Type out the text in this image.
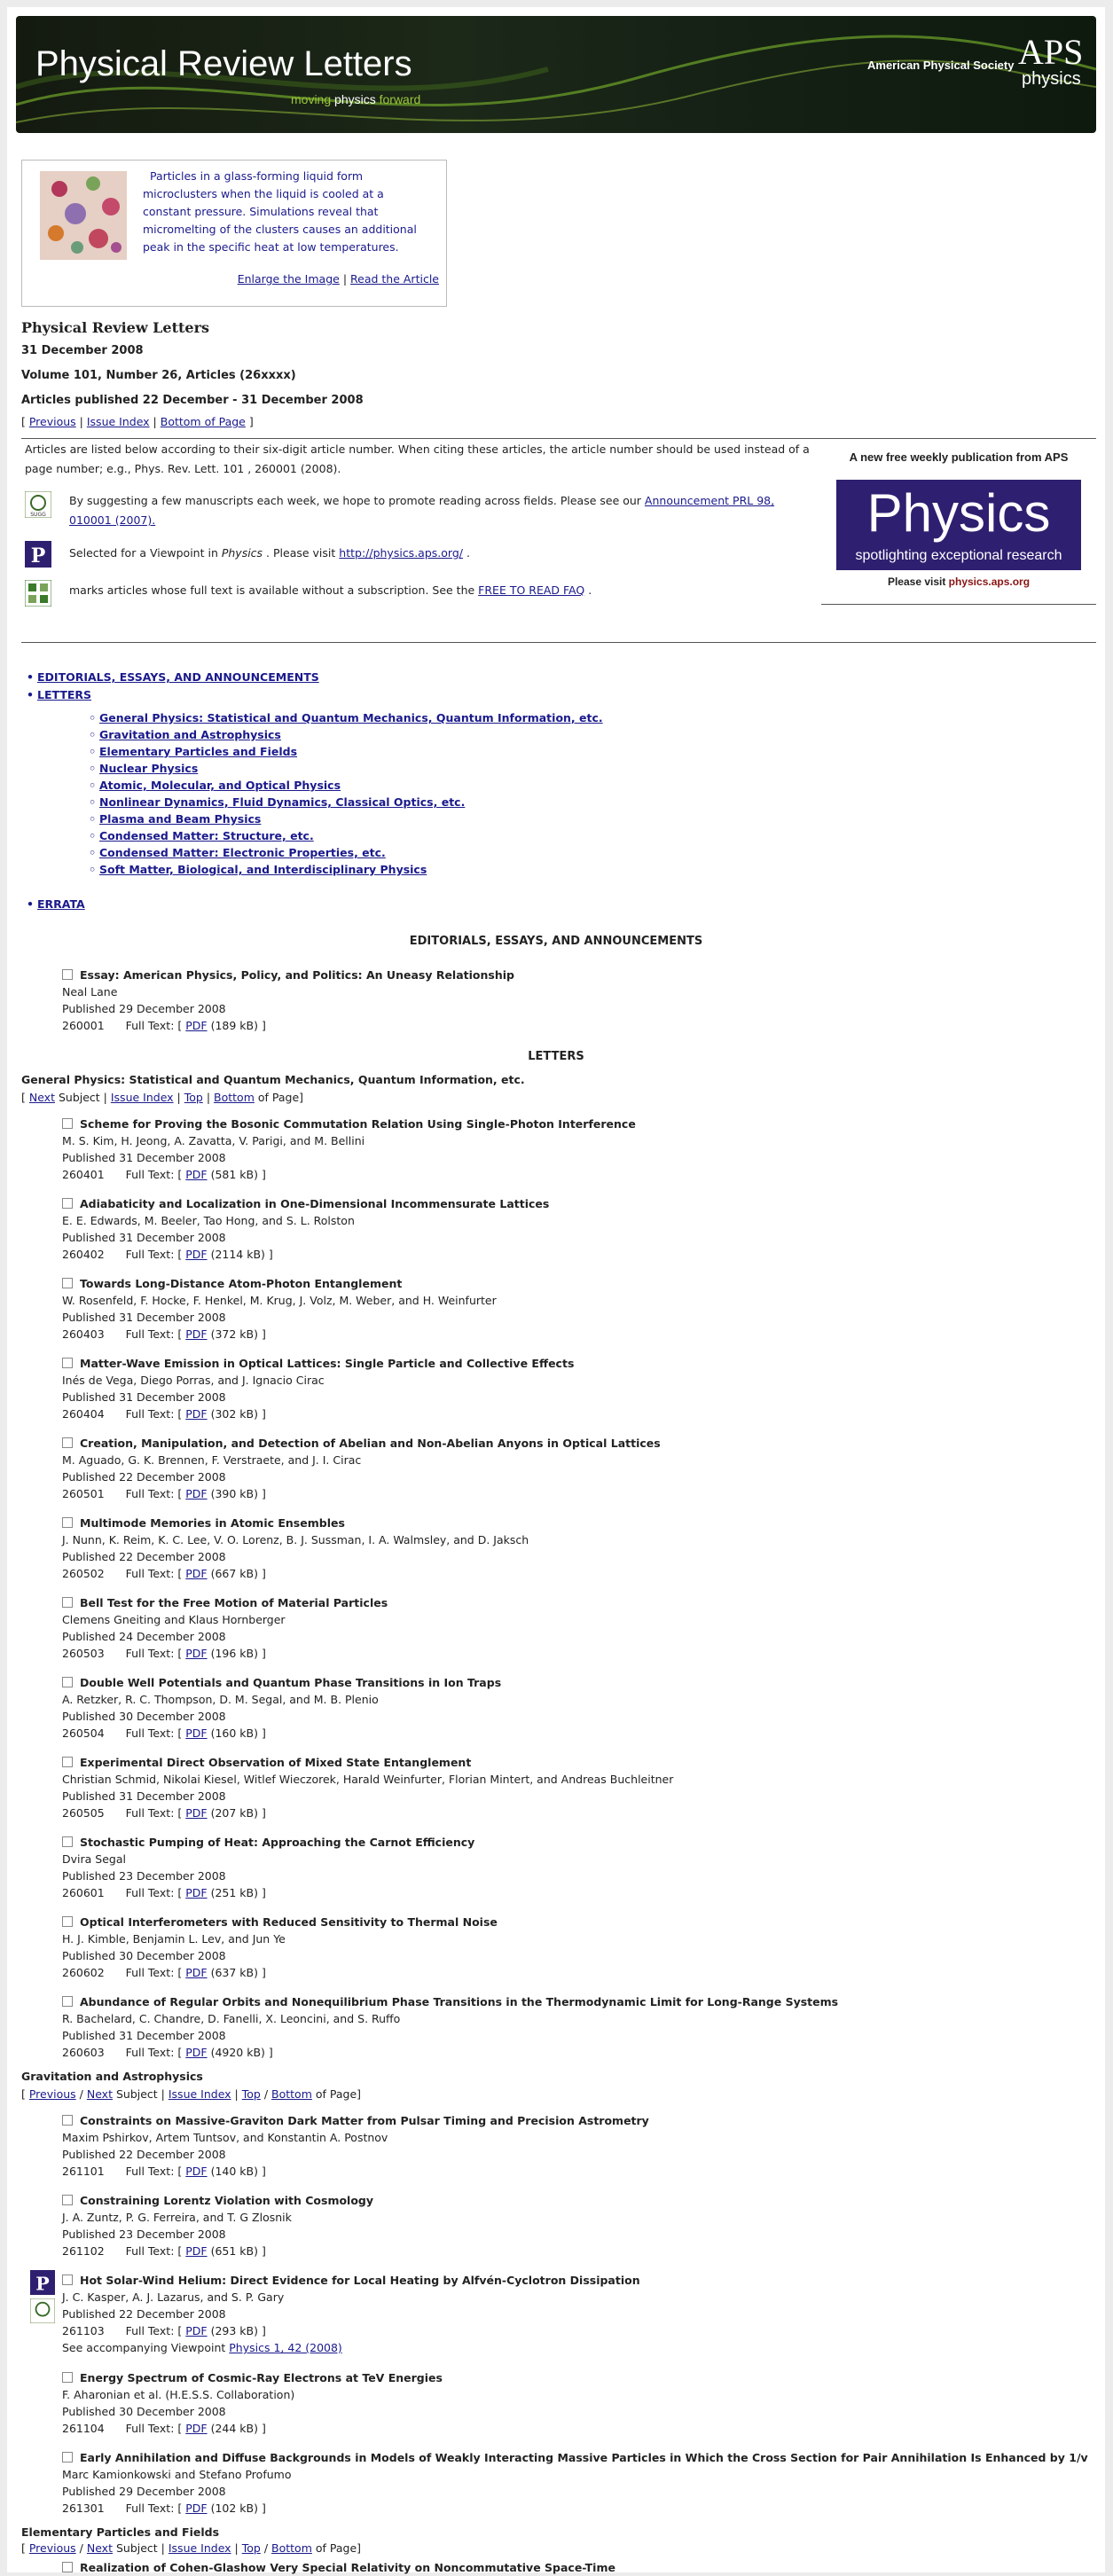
Physical Review Letters
moving physics forward
American Physical Society APS
physics
Particles in a glass-forming liquid form microclusters when the liquid is cooled at a constant pressure. Simulations reveal that micromelting of the clusters causes an additional peak in the specific heat at low temperatures.
Enlarge the Image | Read the Article
Physical Review Letters
31 December 2008
Volume 101, Number 26, Articles (26xxxx)
Articles published 22 December - 31 December 2008
[ Previous | Issue Index | Bottom of Page ]
Articles are listed below according to their six-digit article number. When citing these articles, the article number should be used instead of a page number; e.g., Phys. Rev. Lett. 101 , 260001 (2008).
SUGG
By suggesting a few manuscripts each week, we hope to promote reading across fields. Please see our Announcement PRL 98, 010001 (2007).
P Selected for a Viewpoint in Physics . Please visit http://physics.aps.org/ .
marks articles whose full text is available without a subscription. See the FREE TO READ FAQ .
A new free weekly publication from APS
Physics
spotlighting exceptional research
Please visit physics.aps.org
• EDITORIALS, ESSAYS, AND ANNOUNCEMENTS
• LETTERS
◦ General Physics: Statistical and Quantum Mechanics, Quantum Information, etc.
◦ Gravitation and Astrophysics
◦ Elementary Particles and Fields
◦ Nuclear Physics
◦ Atomic, Molecular, and Optical Physics
◦ Nonlinear Dynamics, Fluid Dynamics, Classical Optics, etc.
◦ Plasma and Beam Physics
◦ Condensed Matter: Structure, etc.
◦ Condensed Matter: Electronic Properties, etc.
◦ Soft Matter, Biological, and Interdisciplinary Physics
• ERRATA
EDITORIALS, ESSAYS, AND ANNOUNCEMENTS
Essay: American Physics, Policy, and Politics: An Uneasy Relationship
Neal Lane
Published 29 December 2008
260001 Full Text: [ PDF (189 kB) ]
LETTERS
General Physics: Statistical and Quantum Mechanics, Quantum Information, etc.
[ Next Subject | Issue Index | Top | Bottom of Page]
Scheme for Proving the Bosonic Commutation Relation Using Single-Photon Interference
M. S. Kim, H. Jeong, A. Zavatta, V. Parigi, and M. Bellini
Published 31 December 2008
260401 Full Text: [ PDF (581 kB) ]
Adiabaticity and Localization in One-Dimensional Incommensurate Lattices
E. E. Edwards, M. Beeler, Tao Hong, and S. L. Rolston
Published 31 December 2008
260402 Full Text: [ PDF (2114 kB) ]
Towards Long-Distance Atom-Photon Entanglement
W. Rosenfeld, F. Hocke, F. Henkel, M. Krug, J. Volz, M. Weber, and H. Weinfurter
Published 31 December 2008
260403 Full Text: [ PDF (372 kB) ]
Matter-Wave Emission in Optical Lattices: Single Particle and Collective Effects
Inés de Vega, Diego Porras, and J. Ignacio Cirac
Published 31 December 2008
260404 Full Text: [ PDF (302 kB) ]
Creation, Manipulation, and Detection of Abelian and Non-Abelian Anyons in Optical Lattices
M. Aguado, G. K. Brennen, F. Verstraete, and J. I. Cirac
Published 22 December 2008
260501 Full Text: [ PDF (390 kB) ]
Multimode Memories in Atomic Ensembles
J. Nunn, K. Reim, K. C. Lee, V. O. Lorenz, B. J. Sussman, I. A. Walmsley, and D. Jaksch
Published 22 December 2008
260502 Full Text: [ PDF (667 kB) ]
Bell Test for the Free Motion of Material Particles
Clemens Gneiting and Klaus Hornberger
Published 24 December 2008
260503 Full Text: [ PDF (196 kB) ]
Double Well Potentials and Quantum Phase Transitions in Ion Traps
A. Retzker, R. C. Thompson, D. M. Segal, and M. B. Plenio
Published 30 December 2008
260504 Full Text: [ PDF (160 kB) ]
Experimental Direct Observation of Mixed State Entanglement
Christian Schmid, Nikolai Kiesel, Witlef Wieczorek, Harald Weinfurter, Florian Mintert, and Andreas Buchleitner
Published 31 December 2008
260505 Full Text: [ PDF (207 kB) ]
Stochastic Pumping of Heat: Approaching the Carnot Efficiency
Dvira Segal
Published 23 December 2008
260601 Full Text: [ PDF (251 kB) ]
Optical Interferometers with Reduced Sensitivity to Thermal Noise
H. J. Kimble, Benjamin L. Lev, and Jun Ye
Published 30 December 2008
260602 Full Text: [ PDF (637 kB) ]
Abundance of Regular Orbits and Nonequilibrium Phase Transitions in the Thermodynamic Limit for Long-Range Systems
R. Bachelard, C. Chandre, D. Fanelli, X. Leoncini, and S. Ruffo
Published 31 December 2008
260603 Full Text: [ PDF (4920 kB) ]
Gravitation and Astrophysics
[ Previous / Next Subject | Issue Index | Top / Bottom of Page]
Constraints on Massive-Graviton Dark Matter from Pulsar Timing and Precision Astrometry
Maxim Pshirkov, Artem Tuntsov, and Konstantin A. Postnov
Published 22 December 2008
261101 Full Text: [ PDF (140 kB) ]
Constraining Lorentz Violation with Cosmology
J. A. Zuntz, P. G. Ferreira, and T. G Zlosnik
Published 23 December 2008
261102 Full Text: [ PDF (651 kB) ]
P	Hot Solar-Wind Helium: Direct Evidence for Local Heating by Alfvén-Cyclotron Dissipation
J. C. Kasper, A. J. Lazarus, and S. P. Gary
Published 22 December 2008
261103 Full Text: [ PDF (293 kB) ]
See accompanying Viewpoint Physics 1, 42 (2008)
Energy Spectrum of Cosmic-Ray Electrons at TeV Energies
F. Aharonian et al. (H.E.S.S. Collaboration)
Published 30 December 2008
261104 Full Text: [ PDF (244 kB) ]
Early Annihilation and Diffuse Backgrounds in Models of Weakly Interacting Massive Particles in Which the Cross Section for Pair Annihilation Is Enhanced by 1/v
Marc Kamionkowski and Stefano Profumo
Published 29 December 2008
261301 Full Text: [ PDF (102 kB) ]
Elementary Particles and Fields
[ Previous / Next Subject | Issue Index | Top / Bottom of Page]
Realization of Cohen-Glashow Very Special Relativity on Noncommutative Space-Time
